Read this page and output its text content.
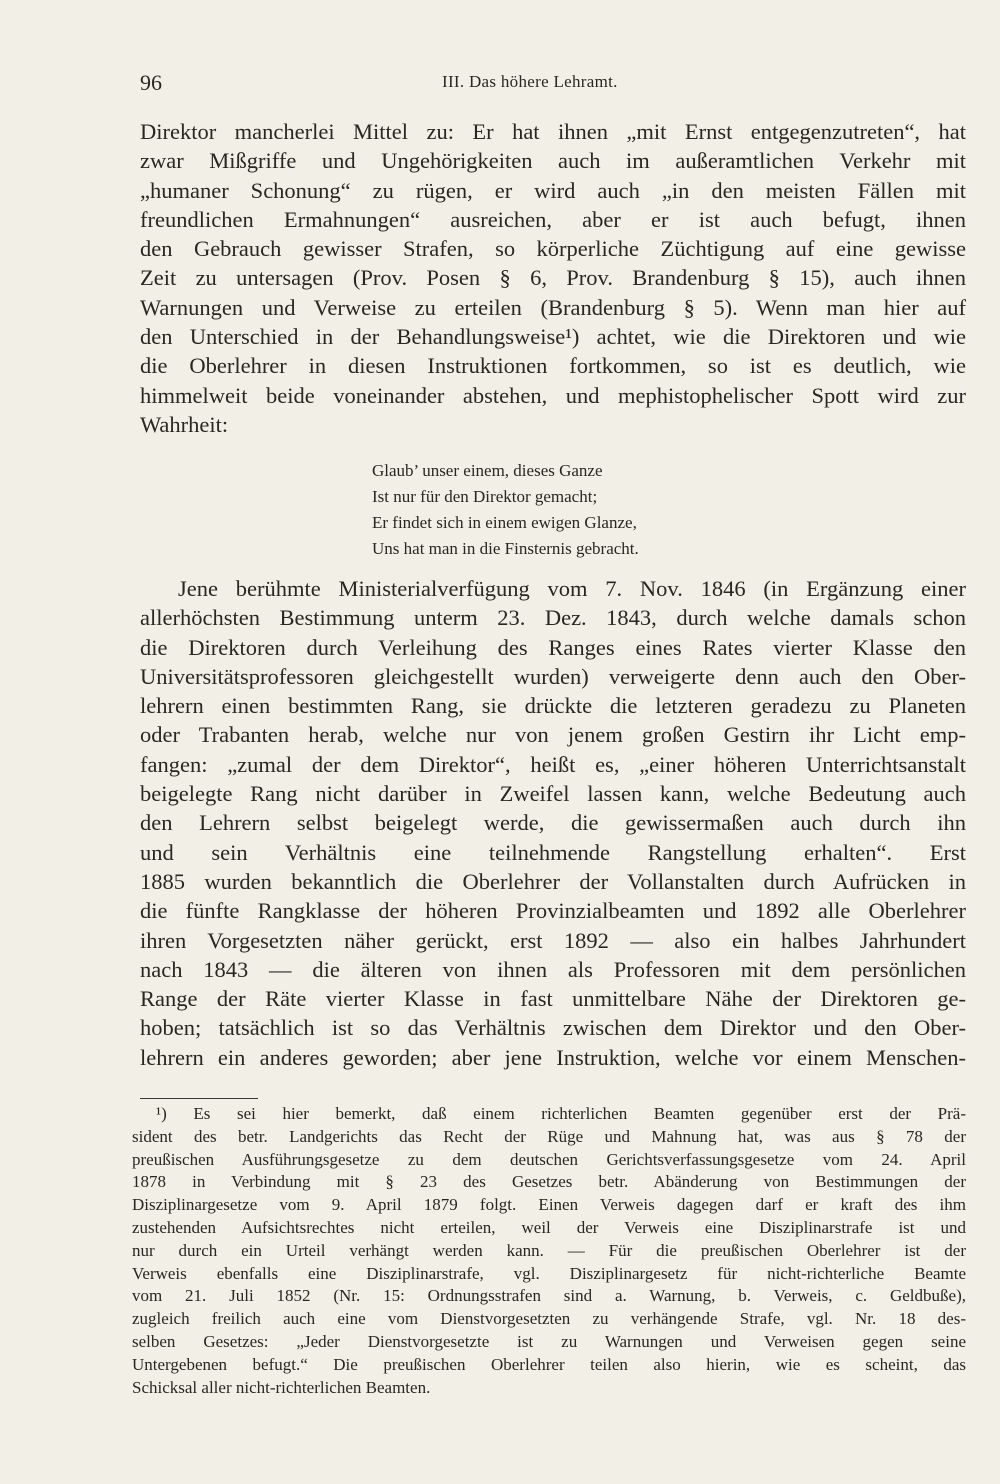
96	III. Das höhere Lehramt.
Direktor mancherlei Mittel zu: Er hat ihnen „mit Ernst entgegenzutreten“, hat
zwar Mißgriffe und Ungehörigkeiten auch im außeramtlichen Verkehr mit
„humaner Schonung“ zu rügen, er wird auch „in den meisten Fällen mit
freundlichen Ermahnungen“ ausreichen, aber er ist auch befugt, ihnen
den Gebrauch gewisser Strafen, so körperliche Züchtigung auf eine gewisse
Zeit zu untersagen (Prov. Posen § 6, Prov. Brandenburg § 15), auch ihnen
Warnungen und Verweise zu erteilen (Brandenburg § 5). Wenn man hier auf
den Unterschied in der Behandlungsweise¹) achtet, wie die Direktoren und wie
die Oberlehrer in diesen Instruktionen fortkommen, so ist es deutlich, wie
himmelweit beide voneinander abstehen, und mephistophelischer Spott wird zur
Wahrheit:
Glaub’ unser einem, dieses Ganze
Ist nur für den Direktor gemacht;
Er findet sich in einem ewigen Glanze,
Uns hat man in die Finsternis gebracht.
Jene berühmte Ministerialverfügung vom 7. Nov. 1846 (in Ergänzung einer
allerhöchsten Bestimmung unterm 23. Dez. 1843, durch welche damals schon
die Direktoren durch Verleihung des Ranges eines Rates vierter Klasse den
Universitätsprofessoren gleichgestellt wurden) verweigerte denn auch den Ober-
lehrern einen bestimmten Rang, sie drückte die letzteren geradezu zu Planeten
oder Trabanten herab, welche nur von jenem großen Gestirn ihr Licht emp-
fangen: „zumal der dem Direktor“, heißt es, „einer höheren Unterrichtsanstalt
beigelegte Rang nicht darüber in Zweifel lassen kann, welche Bedeutung auch
den Lehrern selbst beigelegt werde, die gewissermaßen auch durch ihn
und sein Verhältnis eine teilnehmende Rangstellung erhalten“. Erst
1885 wurden bekanntlich die Oberlehrer der Vollanstalten durch Aufrücken in
die fünfte Rangklasse der höheren Provinzialbeamten und 1892 alle Oberlehrer
ihren Vorgesetzten näher gerückt, erst 1892 — also ein halbes Jahrhundert
nach 1843 — die älteren von ihnen als Professoren mit dem persönlichen
Range der Räte vierter Klasse in fast unmittelbare Nähe der Direktoren ge-
hoben; tatsächlich ist so das Verhältnis zwischen dem Direktor und den Ober-
lehrern ein anderes geworden; aber jene Instruktion, welche vor einem Menschen-
¹) Es sei hier bemerkt, daß einem richterlichen Beamten gegenüber erst der Prä-
sident des betr. Landgerichts das Recht der Rüge und Mahnung hat, was aus § 78 der
preußischen Ausführungsgesetze zu dem deutschen Gerichtsverfassungsgesetze vom 24. April
1878 in Verbindung mit § 23 des Gesetzes betr. Abänderung von Bestimmungen der
Disziplinargesetze vom 9. April 1879 folgt. Einen Verweis dagegen darf er kraft des ihm
zustehenden Aufsichtsrechtes nicht erteilen, weil der Verweis eine Disziplinarstrafe ist und
nur durch ein Urteil verhängt werden kann. — Für die preußischen Oberlehrer ist der
Verweis ebenfalls eine Disziplinarstrafe, vgl. Disziplinargesetz für nicht-richterliche Beamte
vom 21. Juli 1852 (Nr. 15: Ordnungsstrafen sind a. Warnung, b. Verweis, c. Geldbuße),
zugleich freilich auch eine vom Dienstvorgesetzten zu verhängende Strafe, vgl. Nr. 18 des-
selben Gesetzes: „Jeder Dienstvorgesetzte ist zu Warnungen und Verweisen gegen seine
Untergebenen befugt.“ Die preußischen Oberlehrer teilen also hierin, wie es scheint, das
Schicksal aller nicht-richterlichen Beamten.
